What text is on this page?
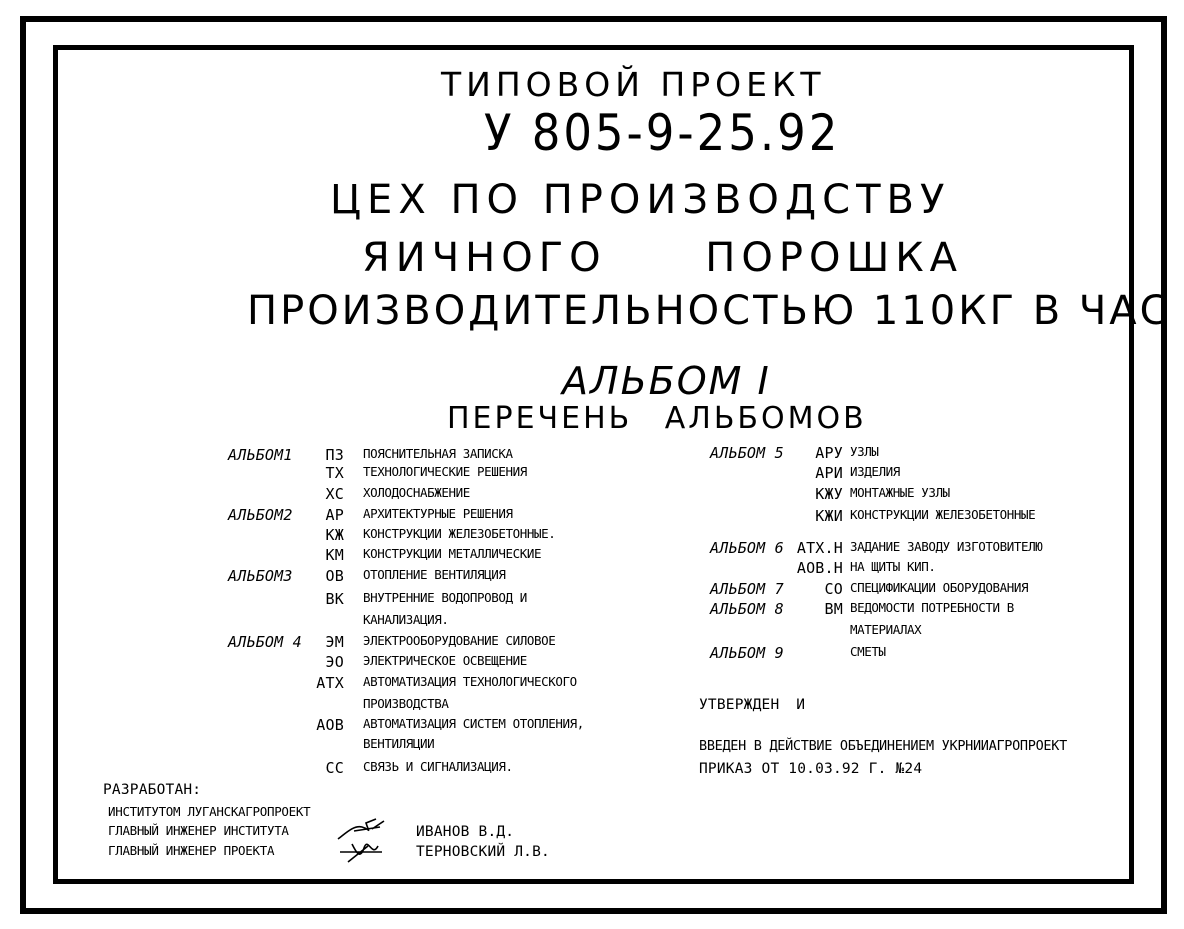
ТИПОВОЙ ПРОЕКТ
У 805-9-25.92
ЦЕХ ПО ПРОИЗВОДСТВУ
ЯИЧНОГО ПОРОШКА
ПРОИЗВОДИТЕЛЬНОСТЬЮ 110КГ В ЧАС
АЛЬБОМ I
ПЕРЕЧЕНЬ АЛЬБОМОВ
АЛЬБОМ1	ПЗ ПОЯСНИТЕЛЬНАЯ ЗАПИСКА
ТХ ТЕХНОЛОГИЧЕСКИЕ РЕШЕНИЯ
ХС ХОЛОДОСНАБЖЕНИЕ
АЛЬБОМ2	АР АРХИТЕКТУРНЫЕ РЕШЕНИЯ
КЖ КОНСТРУКЦИИ ЖЕЛЕЗОБЕТОННЫЕ.
КМ КОНСТРУКЦИИ МЕТАЛЛИЧЕСКИЕ
АЛЬБОМ3	ОВ ОТОПЛЕНИЕ ВЕНТИЛЯЦИЯ
ВК ВНУТРЕННИЕ ВОДОПРОВОД И
КАНАЛИЗАЦИЯ.
АЛЬБОМ 4	ЭМ ЭЛЕКТРООБОРУДОВАНИЕ СИЛОВОЕ
ЭО ЭЛЕКТРИЧЕСКОЕ ОСВЕЩЕНИЕ
АТХ АВТОМАТИЗАЦИЯ ТЕХНОЛОГИЧЕСКОГО
ПРОИЗВОДСТВА
АОВ АВТОМАТИЗАЦИЯ СИСТЕМ ОТОПЛЕНИЯ,
ВЕНТИЛЯЦИИ
СС СВЯЗЬ И СИГНАЛИЗАЦИЯ.
АЛЬБОМ 5	АРУ УЗЛЫ
АРИ ИЗДЕЛИЯ
КЖУ МОНТАЖНЫЕ УЗЛЫ
КЖИ КОНСТРУКЦИИ ЖЕЛЕЗОБЕТОННЫЕ
АЛЬБОМ 6 АТХ.Н ЗАДАНИЕ ЗАВОДУ ИЗГОТОВИТЕЛЮ
АОВ.Н НА ЩИТЫ КИП.
АЛЬБОМ 7	СО СПЕЦИФИКАЦИИ ОБОРУДОВАНИЯ
АЛЬБОМ 8	ВМ ВЕДОМОСТИ ПОТРЕБНОСТИ В
МАТЕРИАЛАХ
АЛЬБОМ 9	СМЕТЫ
УТВЕРЖДЕН И
ВВЕДЕН В ДЕЙСТВИЕ ОБЪЕДИНЕНИЕМ УКРНИИАГРОПРОЕКТ
ПРИКАЗ ОТ 10.03.92 Г. №24
РАЗРАБОТАН:
ИНСТИТУТОМ ЛУГАНСКАГРОПРОЕКТ
ГЛАВНЫЙ ИНЖЕНЕР ИНСТИТУТА	ИВАНОВ В.Д.
ГЛАВНЫЙ ИНЖЕНЕР ПРОЕКТА	ТЕРНОВСКИЙ Л.В.
